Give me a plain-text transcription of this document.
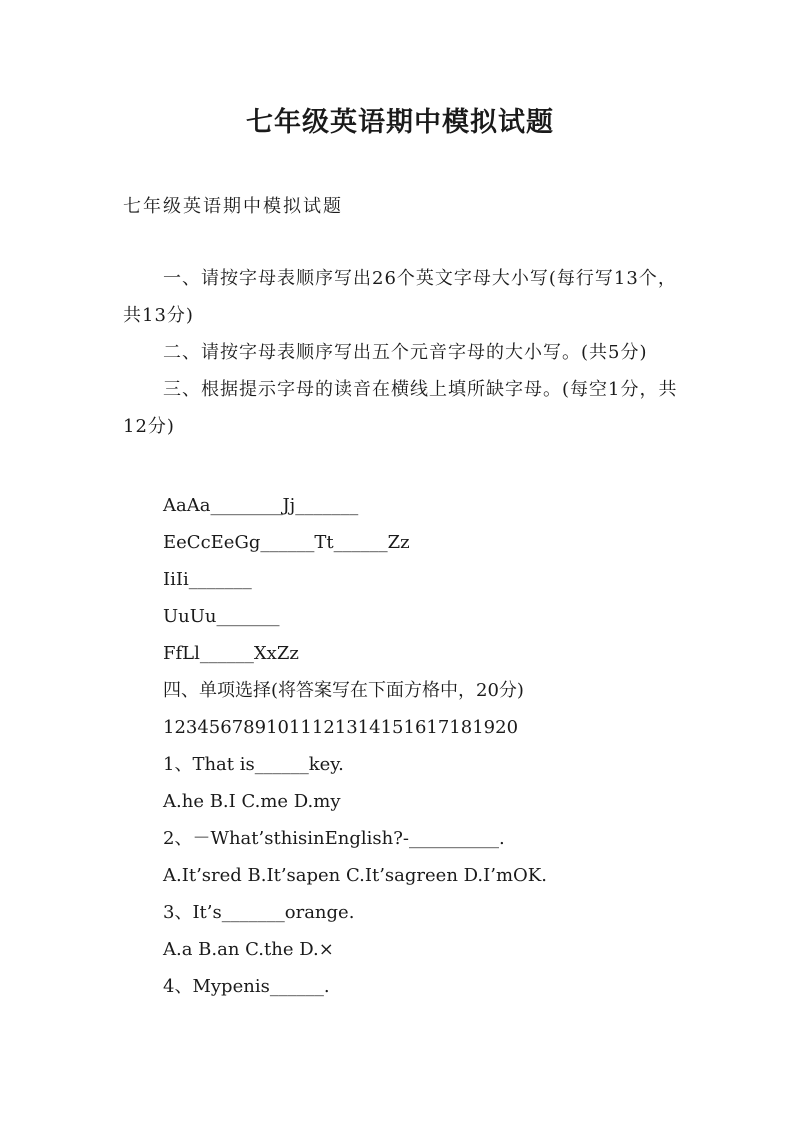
七年级英语期中模拟试题
七年级英语期中模拟试题

一、请按字母表顺序写出26个英文字母大小写(每行写13个，共13分)

二、请按字母表顺序写出五个元音字母的大小写。(共5分)

三、根据提示字母的读音在横线上填所缺字母。(每空1分，共12分)

AaAa________Jj_______

EeCcEeGg______Tt______Zz

IiIi_______

UuUu_______

FfLl______XxZz

四、单项选择(将答案写在下面方格中，20分)

1234567891011121314151617181920

1、That is______key.

A.he B.I C.me D.my

2、－What’sthisinEnglish?-__________.

A.It’sred B.It’sapen C.It’sagreen D.I’mOK.

3、It’s_______orange.

A.a B.an C.the D.×

4、Mypenis______.
